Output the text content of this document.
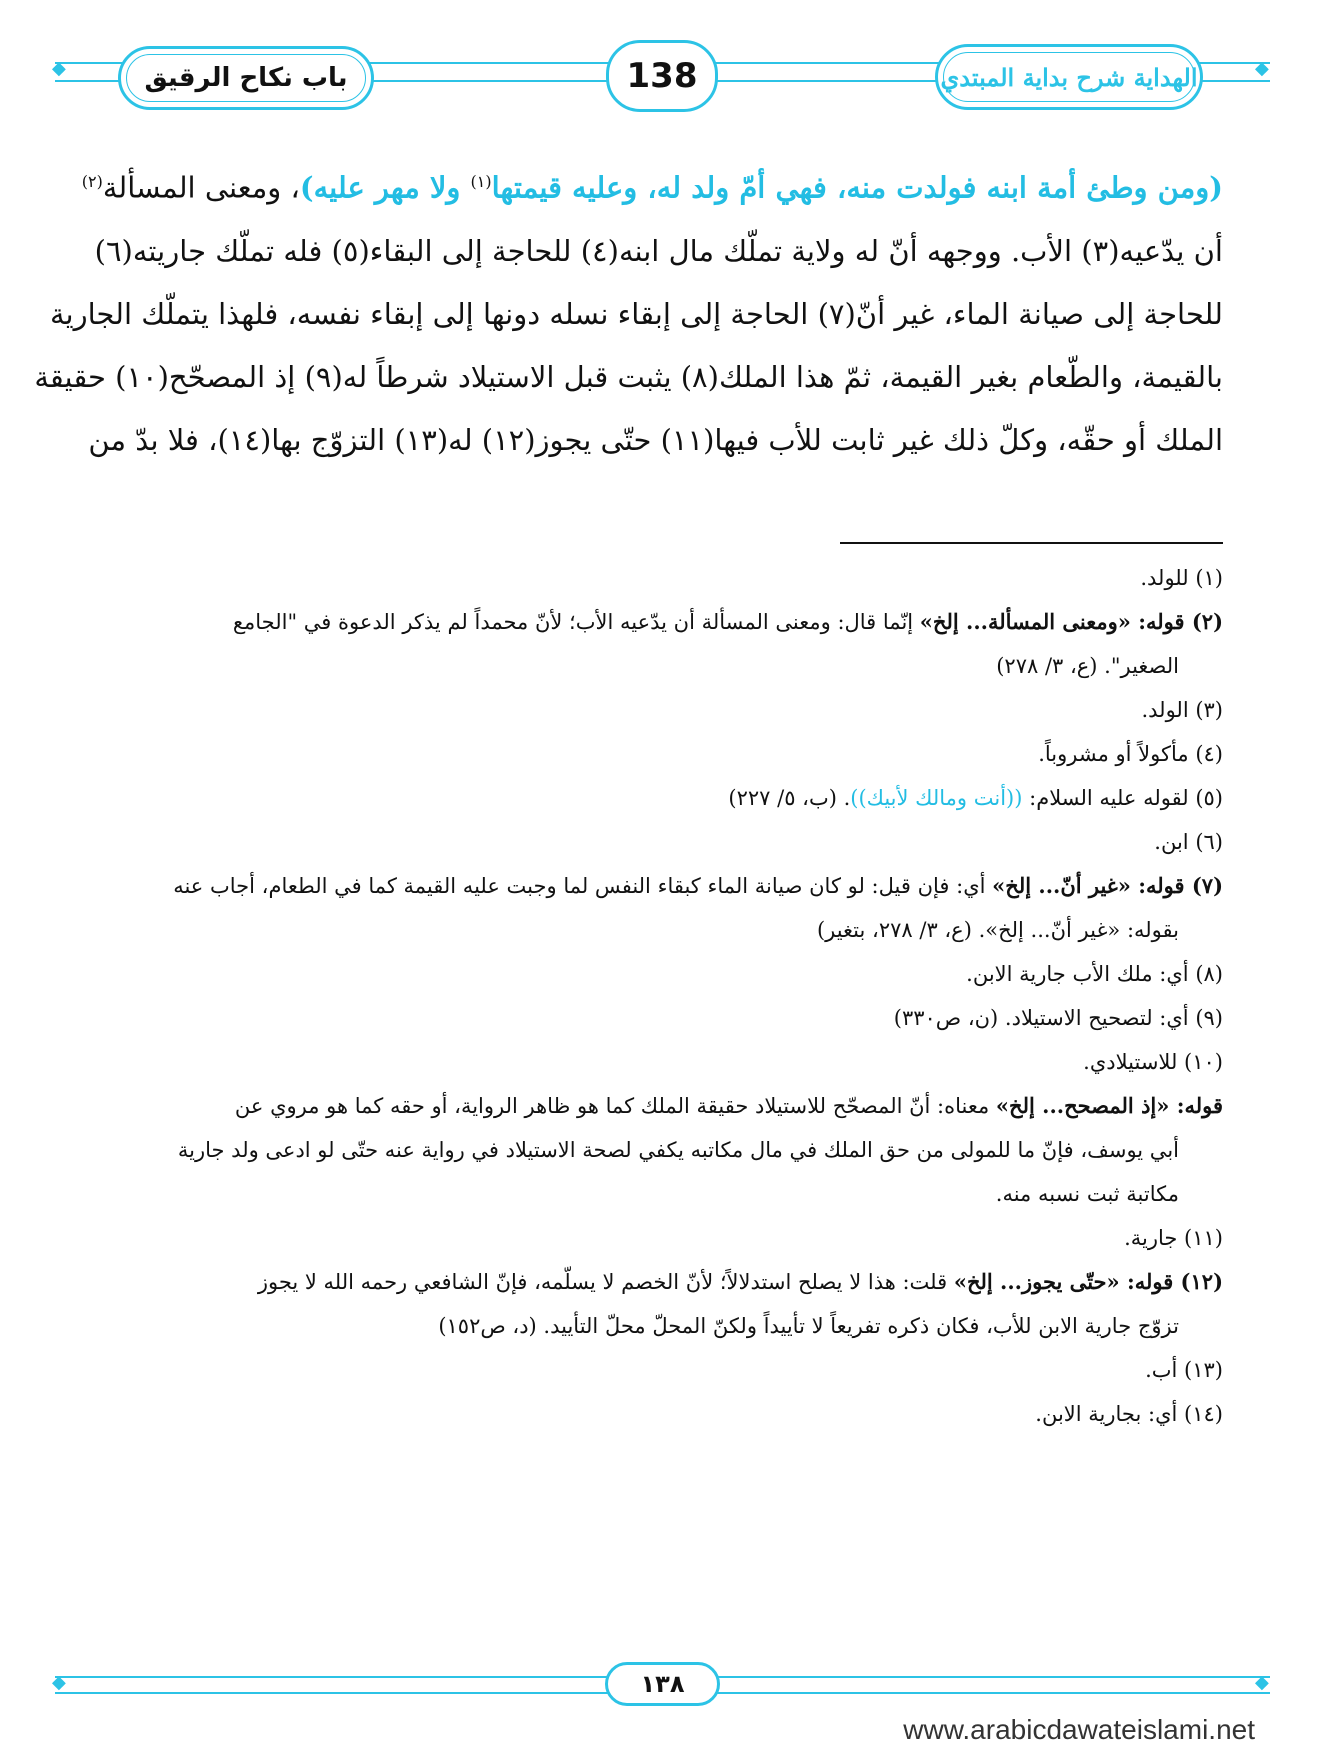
◆	◆
باب نكاح الرقيق	138	الهداية شرح بداية المبتدي
(ومن وطئ أمة ابنه فولدت منه، فهي أمّ ولد له، وعليه قيمتها$^{(١)}$ ولا مهر عليه)، ومعنى المسألة$^{(٢)}$
أن يدّعيه(٣) الأب. ووجهه أنّ له ولاية تملّك مال ابنه(٤) للحاجة إلى البقاء(٥) فله تملّك جاريته(٦)
للحاجة إلى صيانة الماء، غير أنّ(٧) الحاجة إلى إبقاء نسله دونها إلى إبقاء نفسه، فلهذا يتملّك الجارية
بالقيمة، والطّعام بغير القيمة، ثمّ هذا الملك(٨) يثبت قبل الاستيلاد شرطاً له(٩) إذ المصحّح(١٠) حقيقة
الملك أو حقّه، وكلّ ذلك غير ثابت للأب فيها(١١) حتّى يجوز(١٢) له(١٣) التزوّج بها(١٤)، فلا بدّ من
(١) للولد.
(٢) قوله: «ومعنى المسألة... إلخ» إنّما قال: ومعنى المسألة أن يدّعيه الأب؛ لأنّ محمداً لم يذكر الدعوة في "الجامع
الصغير". (ع، ٣/ ٢٧٨)
(٣) الولد.
(٤) مأكولاً أو مشروباً.
(٥) لقوله عليه السلام: ((أنت ومالك لأبيك)). (ب، ٥/ ٢٢٧)
(٦) ابن.
(٧) قوله: «غير أنّ... إلخ» أي: فإن قيل: لو كان صيانة الماء كبقاء النفس لما وجبت عليه القيمة كما في الطعام، أجاب عنه
بقوله: «غير أنّ... إلخ». (ع، ٣/ ٢٧٨، بتغير)
(٨) أي: ملك الأب جارية الابن.
(٩) أي: لتصحيح الاستيلاد. (ن، ص٣٣٠)
(١٠) للاستيلادي.
قوله: «إذ المصحح... إلخ» معناه: أنّ المصحّح للاستيلاد حقيقة الملك كما هو ظاهر الرواية، أو حقه كما هو مروي عن
أبي يوسف، فإنّ ما للمولى من حق الملك في مال مكاتبه يكفي لصحة الاستيلاد في رواية عنه حتّى لو ادعى ولد جارية
مكاتبة ثبت نسبه منه.
(١١) جارية.
(١٢) قوله: «حتّى يجوز... إلخ» قلت: هذا لا يصلح استدلالاً؛ لأنّ الخصم لا يسلّمه، فإنّ الشافعي رحمه الله لا يجوز
تزوّج جارية الابن للأب، فكان ذكره تفريعاً لا تأييداً ولكنّ المحلّ محلّ التأييد. (د، ص١٥٢)
(١٣) أب.
(١٤) أي: بجارية الابن.
◆	◆
١٣٨
www.arabicdawateislami.net
